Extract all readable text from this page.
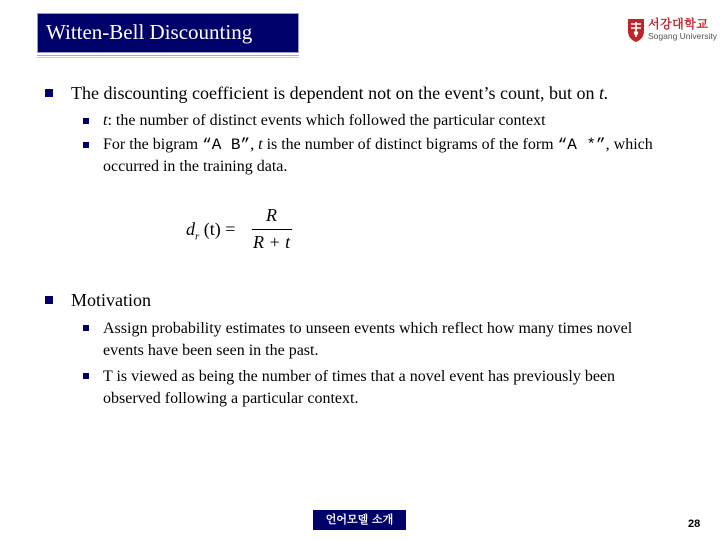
Witten-Bell Discounting	서강대학교
Sogang University
The discounting coefficient is dependent not on the event’s count, but on t.
t: the number of distinct events which followed the particular context
For the bigram “A B”, t is the number of distinct bigrams of the form “A *”, which occurred in the training data.
$d_r$ (t) =
R
R + t
Motivation
Assign probability estimates to unseen events which reflect how many times novel events have been seen in the past.
T is viewed as being the number of times that a novel event has previously been observed following a particular context.
언어모델 소개	28
